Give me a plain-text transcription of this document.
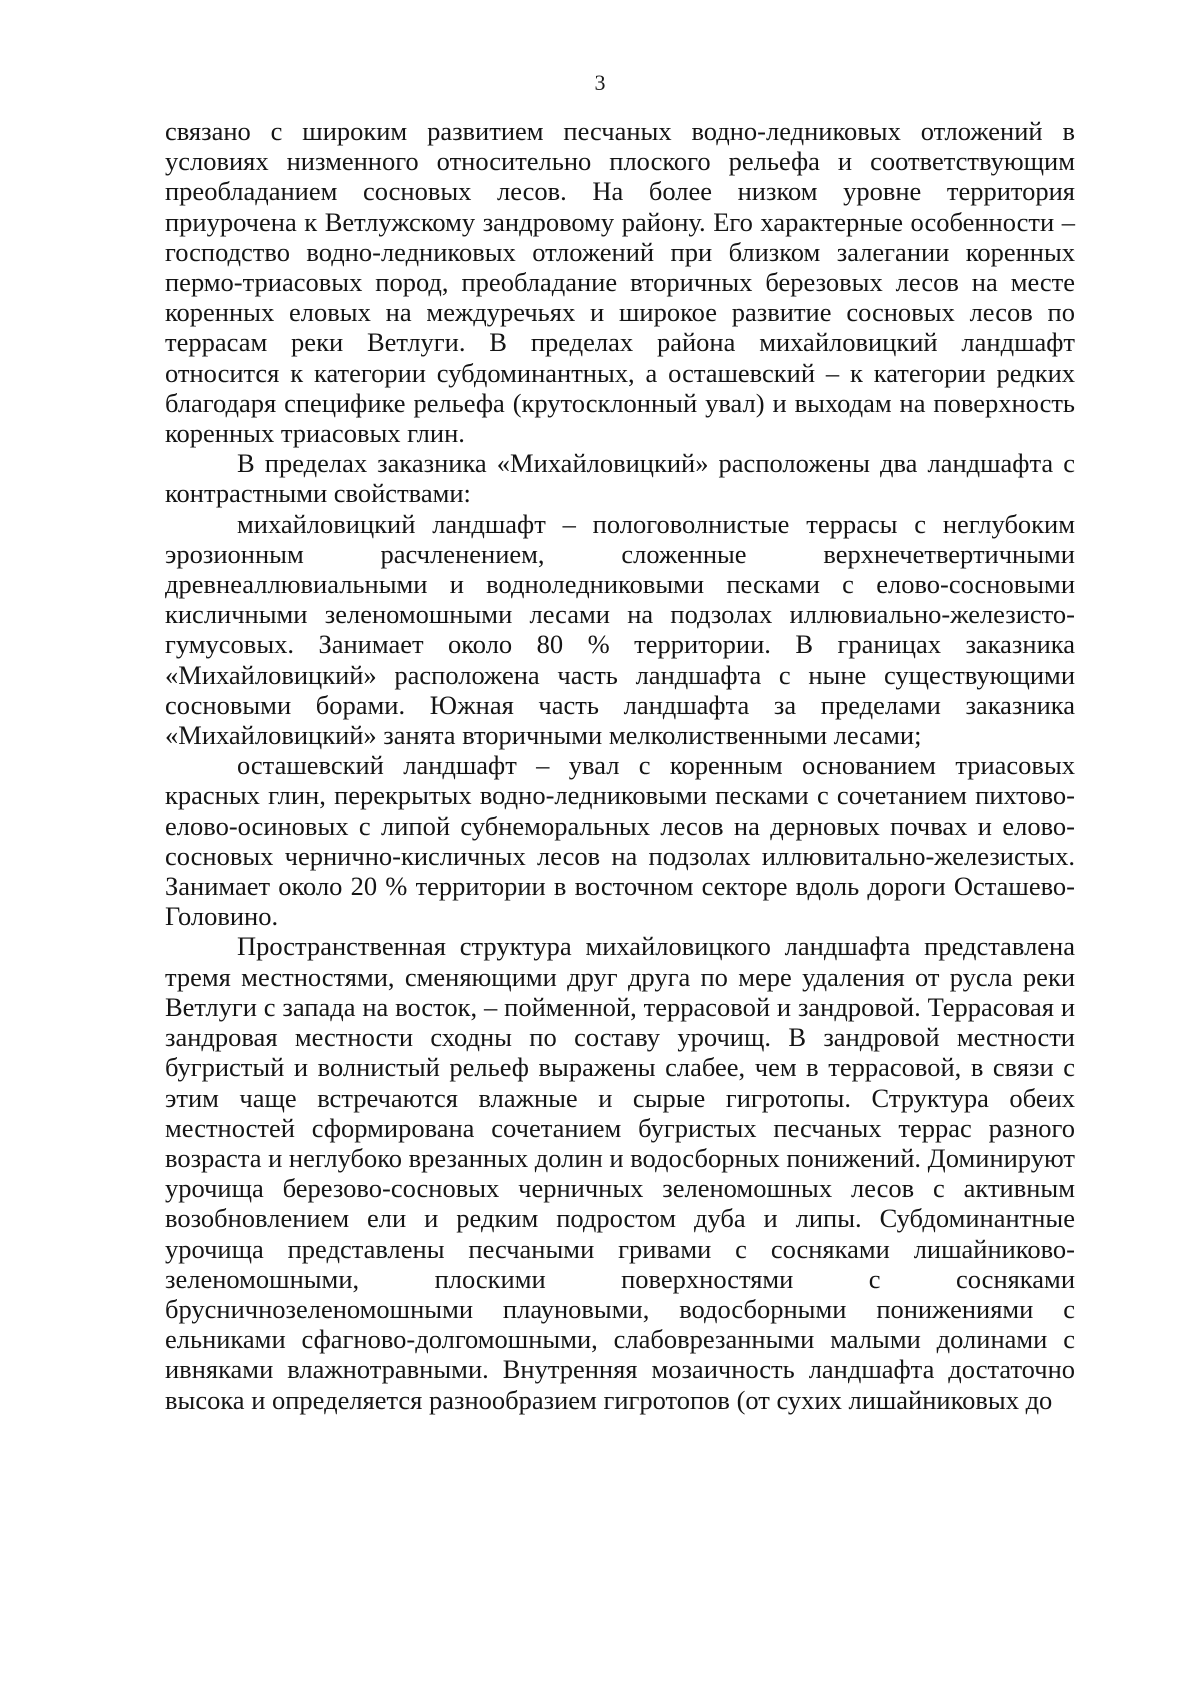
3

связано с широким развитием песчаных водно-ледниковых отложений в условиях низменного относительно плоского рельефа и соответствующим преобладанием сосновых лесов. На более низком уровне территория приурочена к Ветлужскому зандровому району. Его характерные особенности – господство водно-ледниковых отложений при близком залегании коренных пермо-триасовых пород, преобладание вторичных березовых лесов на месте коренных еловых на междуречьях и широкое развитие сосновых лесов по террасам реки Ветлуги. В пределах района михайловицкий ландшафт относится к категории субдоминантных, а осташевский – к категории редких благодаря специфике рельефа (крутосклонный увал) и выходам на поверхность коренных триасовых глин.

В пределах заказника «Михайловицкий» расположены два ландшафта с контрастными свойствами:

михайловицкий ландшафт – пологоволнистые террасы с неглубоким эрозионным расчленением, сложенные верхнечетвертичными древнеаллювиальными и водноледниковыми песками с елово-сосновыми кисличными зеленомошными лесами на подзолах иллювиально-железисто-гумусовых. Занимает около 80 % территории. В границах заказника «Михайловицкий» расположена часть ландшафта с ныне существующими сосновыми борами. Южная часть ландшафта за пределами заказника «Михайловицкий» занята вторичными мелколиственными лесами;

осташевский ландшафт – увал с коренным основанием триасовых красных глин, перекрытых водно-ледниковыми песками с сочетанием пихтово-елово-осиновых с липой субнеморальных лесов на дерновых почвах и елово-сосновых чернично-кисличных лесов на подзолах иллювитально-железистых. Занимает около 20 % территории в восточном секторе вдоль дороги Осташево-Головино.

Пространственная структура михайловицкого ландшафта представлена тремя местностями, сменяющими друг друга по мере удаления от русла реки Ветлуги с запада на восток, – пойменной, террасовой и зандровой. Террасовая и зандровая местности сходны по составу урочищ. В зандровой местности бугристый и волнистый рельеф выражены слабее, чем в террасовой, в связи с этим чаще встречаются влажные и сырые гигротопы. Структура обеих местностей сформирована сочетанием бугристых песчаных террас разного возраста и неглубоко врезанных долин и водосборных понижений. Доминируют урочища березово-сосновых черничных зеленомошных лесов с активным возобновлением ели и редким подростом дуба и липы. Субдоминантные урочища представлены песчаными гривами с сосняками лишайниково-зеленомошными, плоскими поверхностями с сосняками брусничнозеленомошными плауновыми, водосборными понижениями с ельниками сфагново-долгомошными, слабоврезанными малыми долинами с ивняками влажнотравными. Внутренняя мозаичность ландшафта достаточно высока и определяется разнообразием гигротопов (от сухих лишайниковых до
